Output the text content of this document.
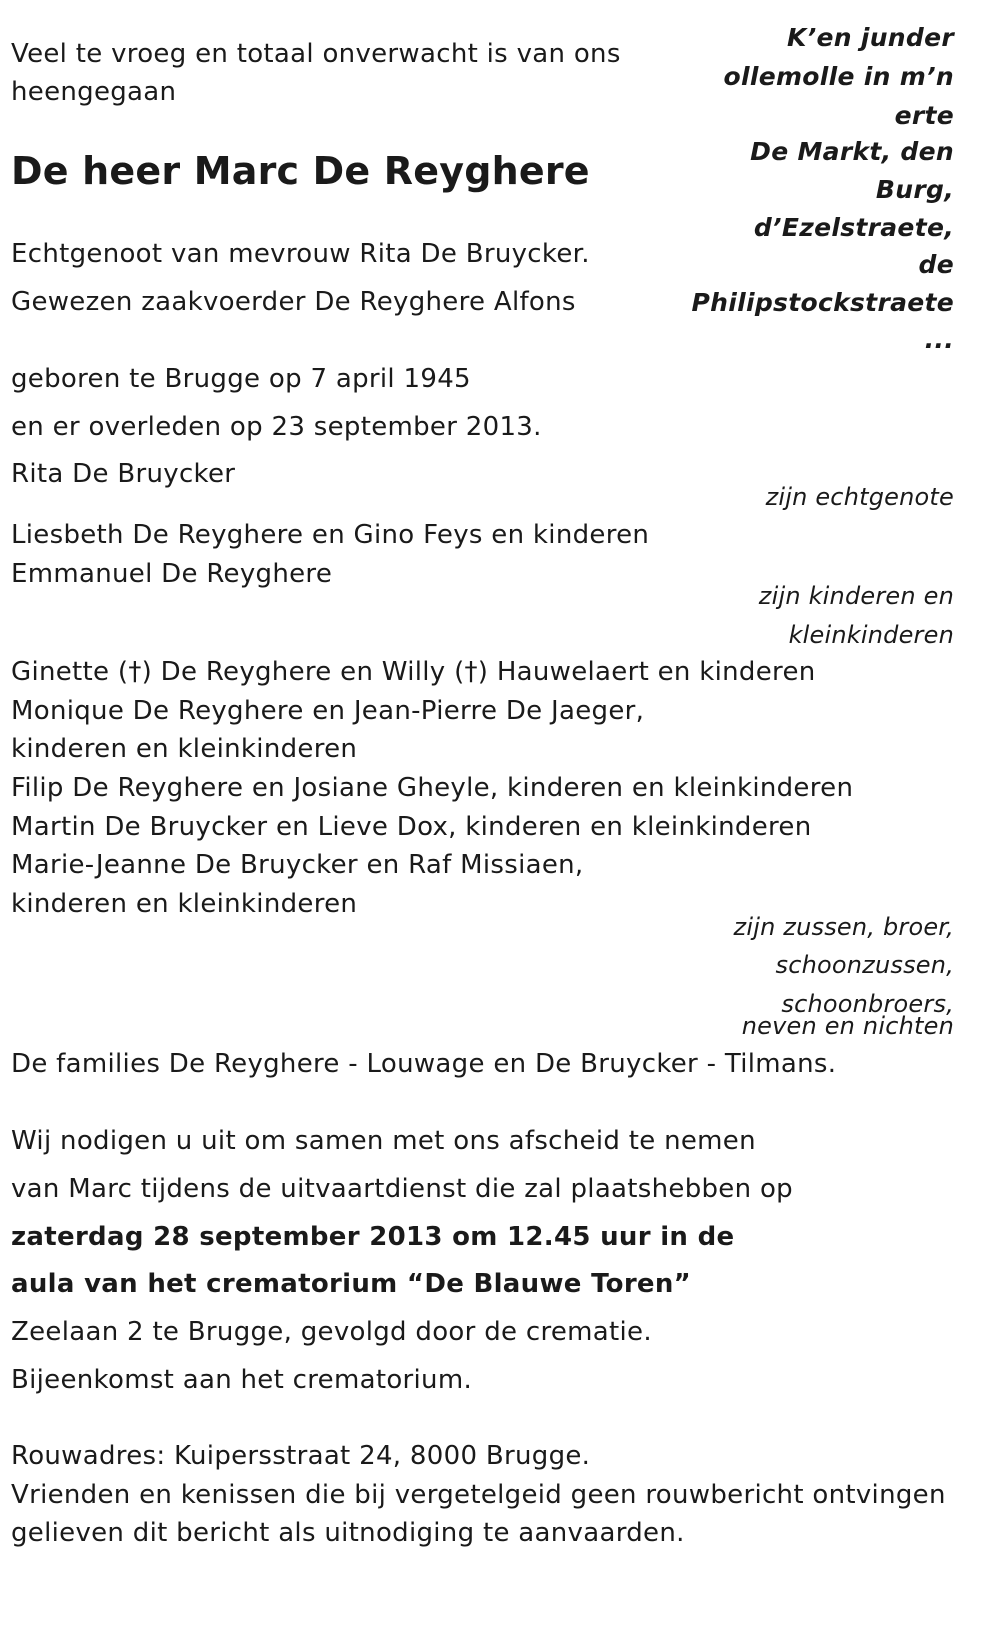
Veel te vroeg en totaal onverwacht is van ons

heengegaan

De heer Marc De Reyghere

Echtgenoot van mevrouw Rita De Bruycker.

Gewezen zaakvoerder De Reyghere Alfons

geboren te Brugge op 7 april 1945

en er overleden op 23 september 2013.

K’en junder

ollemolle in m’n

erte

De Markt, den

Burg,

d’Ezelstraete,

de

Philipstockstraete

...

Rita De Bruycker

zijn echtgenote

Liesbeth De Reyghere en Gino Feys en kinderen

Emmanuel De Reyghere

zijn kinderen en

kleinkinderen

Ginette (†) De Reyghere en Willy (†) Hauwelaert en kinderen

Monique De Reyghere en Jean-Pierre De Jaeger,

kinderen en kleinkinderen

Filip De Reyghere en Josiane Gheyle, kinderen en kleinkinderen

Martin De Bruycker en Lieve Dox, kinderen en kleinkinderen

Marie-Jeanne De Bruycker en Raf Missiaen,

kinderen en kleinkinderen

zijn zussen, broer,

schoonzussen,

schoonbroers,

neven en nichten

De families De Reyghere - Louwage en De Bruycker - Tilmans.

Wij nodigen u uit om samen met ons afscheid te nemen

van Marc tijdens de uitvaartdienst die zal plaatshebben op

zaterdag 28 september 2013 om 12.45 uur in de

aula van het crematorium “De Blauwe Toren”

Zeelaan 2 te Brugge, gevolgd door de crematie.

Bijeenkomst aan het crematorium.

Rouwadres: Kuipersstraat 24, 8000 Brugge.

Vrienden en kenissen die bij vergetelgeid geen rouwbericht ontvingen

gelieven dit bericht als uitnodiging te aanvaarden.
